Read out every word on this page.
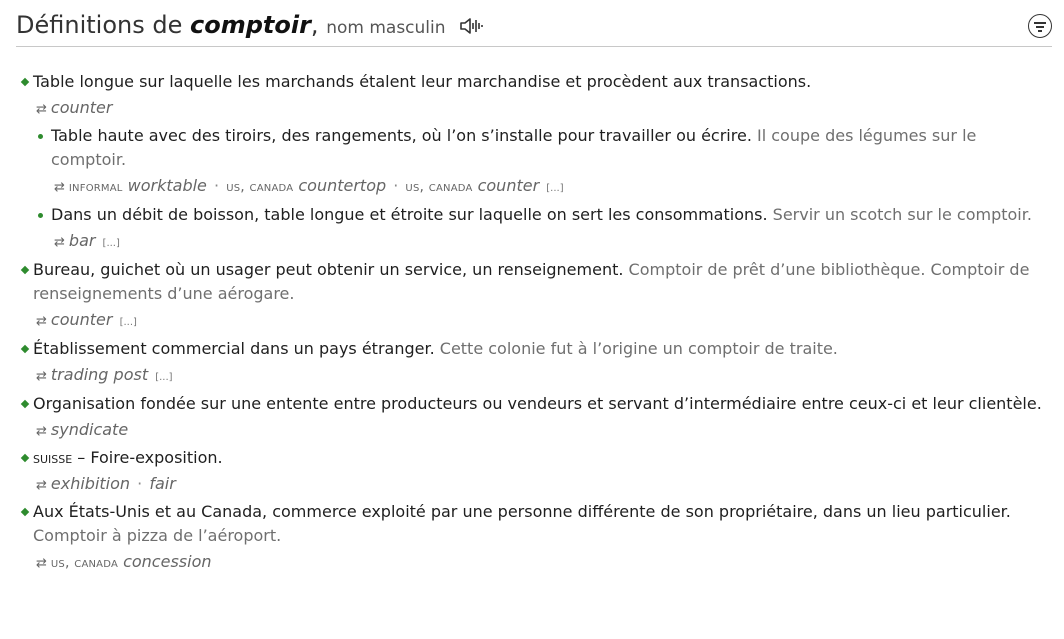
Définitions de comptoir, nom masculin
Table longue sur laquelle les marchands étalent leur marchandise et procèdent aux transactions.
⇄ counter
Table haute avec des tiroirs, des rangements, où l’on s’installe pour travailler ou écrire. Il coupe des légumes sur le comptoir.
⇄ informal worktable · us, canada countertop · us, canada counter [...]
Dans un débit de boisson, table longue et étroite sur laquelle on sert les consommations. Servir un scotch sur le comptoir.
⇄ bar [...]
Bureau, guichet où un usager peut obtenir un service, un renseignement. Comptoir de prêt d’une bibliothèque. Comptoir de renseignements d’une aérogare.
⇄ counter [...]
Établissement commercial dans un pays étranger. Cette colonie fut à l’origine un comptoir de traite.
⇄ trading post [...]
Organisation fondée sur une entente entre producteurs ou vendeurs et servant d’intermédiaire entre ceux-ci et leur clientèle.
⇄ syndicate
suisse – Foire-exposition.
⇄ exhibition · fair
Aux États-Unis et au Canada, commerce exploité par une personne différente de son propriétaire, dans un lieu particulier. Comptoir à pizza de l’aéroport.
⇄ us, canada concession
